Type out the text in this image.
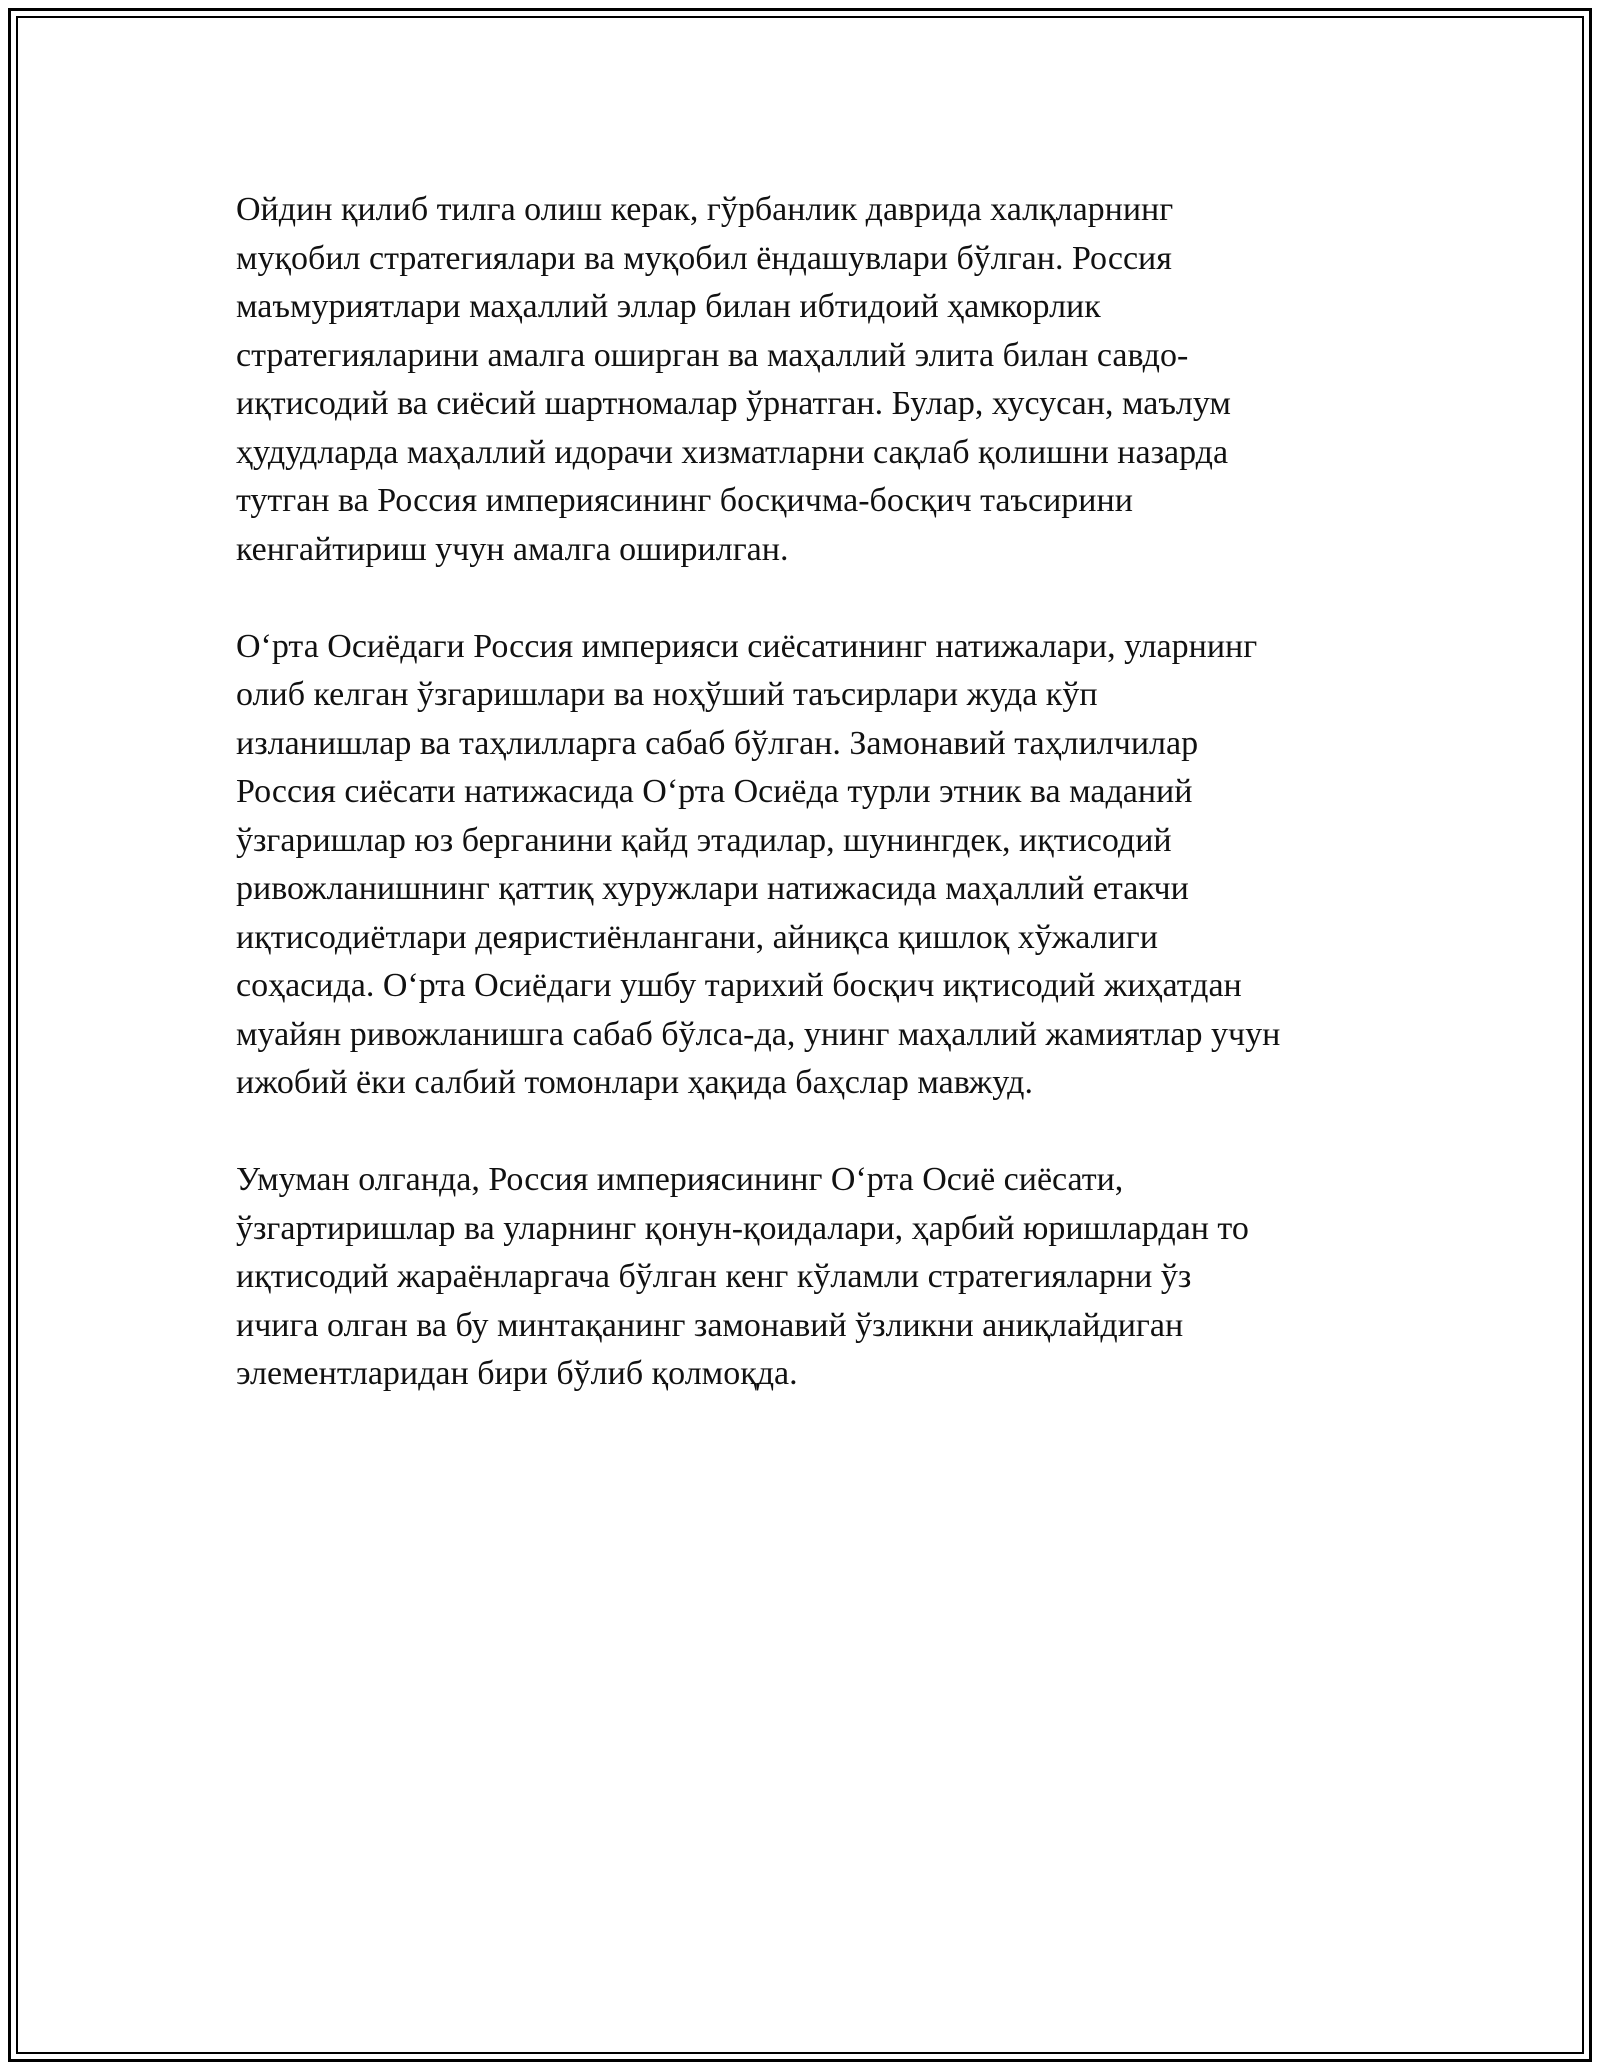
Ойдин қилиб тилга олиш керак, гўрбанлик даврида халқларнинг
муқобил стратегиялари ва муқобил ёндашувлари бўлган. Россия
маъмуриятлари маҳаллий эллар билан ибтидоий ҳамкорлик
стратегияларини амалга оширган ва маҳаллий элита билан савдо-
иқтисодий ва сиёсий шартномалар ўрнатган. Булар, хусусан, маълум
ҳудудларда маҳаллий идорачи хизматларни сақлаб қолишни назарда
тутган ва Россия империясининг босқичма-босқич таъсирини
кенгайтириш учун амалга оширилган.

Оʻрта Осиёдаги Россия империяси сиёсатининг натижалари, уларнинг
олиб келган ўзгаришлари ва ноҳўший таъсирлари жуда кўп
изланишлар ва таҳлилларга сабаб бўлган. Замонавий таҳлилчилар
Россия сиёсати натижасида Оʻрта Осиёда турли этник ва маданий
ўзгаришлар юз берганини қайд этадилар, шунингдек, иқтисодий
ривожланишнинг қаттиқ хуружлари натижасида маҳаллий етакчи
иқтисодиётлари деяристиёнлангани, айниқса қишлоқ хўжалиги
соҳасида. Оʻрта Осиёдаги ушбу тарихий босқич иқтисодий жиҳатдан
муайян ривожланишга сабаб бўлса-да, унинг маҳаллий жамиятлар учун
ижобий ёки салбий томонлари ҳақида баҳслар мавжуд.

Умуман олганда, Россия империясининг Оʻрта Осиё сиёсати,
ўзгартиришлар ва уларнинг қонун-қоидалари, ҳарбий юришлардан то
иқтисодий жараёнларгача бўлган кенг кўламли стратегияларни ўз
ичига олган ва бу минтақанинг замонавий ўзликни аниқлайдиган
элементларидан бири бўлиб қолмоқда.
